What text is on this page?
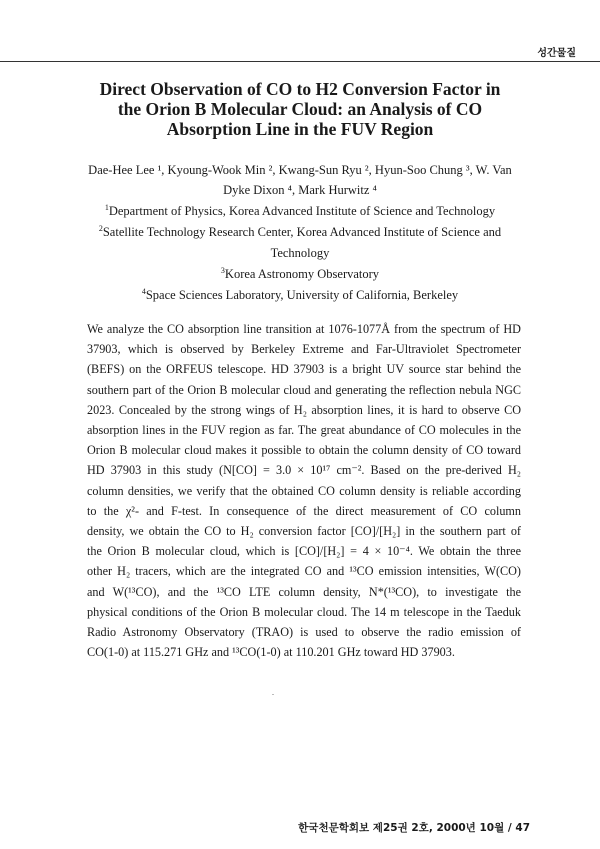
성간물질
Direct Observation of CO to H2 Conversion Factor in
the Orion B Molecular Cloud: an Analysis of CO
Absorption Line in the FUV Region
Dae-Hee Lee ¹, Kyoung-Wook Min ², Kwang-Sun Ryu ², Hyun-Soo Chung ³, W. Van
Dyke Dixon ⁴, Mark Hurwitz ⁴
$^1$Department of Physics, Korea Advanced Institute of Science and Technology
$^2$Satellite Technology Research Center, Korea Advanced Institute of Science and Technology
$^3$Korea Astronomy Observatory
$^4$Space Sciences Laboratory, University of California, Berkeley
We analyze the CO absorption line transition at 1076-1077Å from the spectrum of HD
37903, which is observed by Berkeley Extreme and Far-Ultraviolet Spectrometer
(BEFS) on the ORFEUS telescope. HD 37903 is a bright UV source star behind the
southern part of the Orion B molecular cloud and generating the reflection nebula NGC
2023. Concealed by the strong wings of H₂ absorption lines, it is hard to observe CO
absorption lines in the FUV region as far. The great abundance of CO molecules in the
Orion B molecular cloud makes it possible to obtain the column density of CO toward
HD 37903 in this study (N[CO] = 3.0 × 10¹⁷ cm⁻². Based on the pre-derived H₂
column densities, we verify that the obtained CO column density is reliable according
to the χ²- and F-test. In consequence of the direct measurement of CO column
density, we obtain the CO to H₂ conversion factor [CO]/[H₂] in the southern part of
the Orion B molecular cloud, which is [CO]/[H₂] = 4 × 10⁻⁴. We obtain the three
other H₂ tracers, which are the integrated CO and ¹³CO emission intensities, W(CO)
and W(¹³CO), and the ¹³CO LTE column density, N*(¹³CO), to investigate the
physical conditions of the Orion B molecular cloud. The 14 m telescope in the Taeduk
Radio Astronomy Observatory (TRAO) is used to observe the radio emission of
CO(1-0) at 115.271 GHz and ¹³CO(1-0) at 110.201 GHz toward HD 37903.
한국천문학회보 제25권 2호, 2000년 10월 / 47
